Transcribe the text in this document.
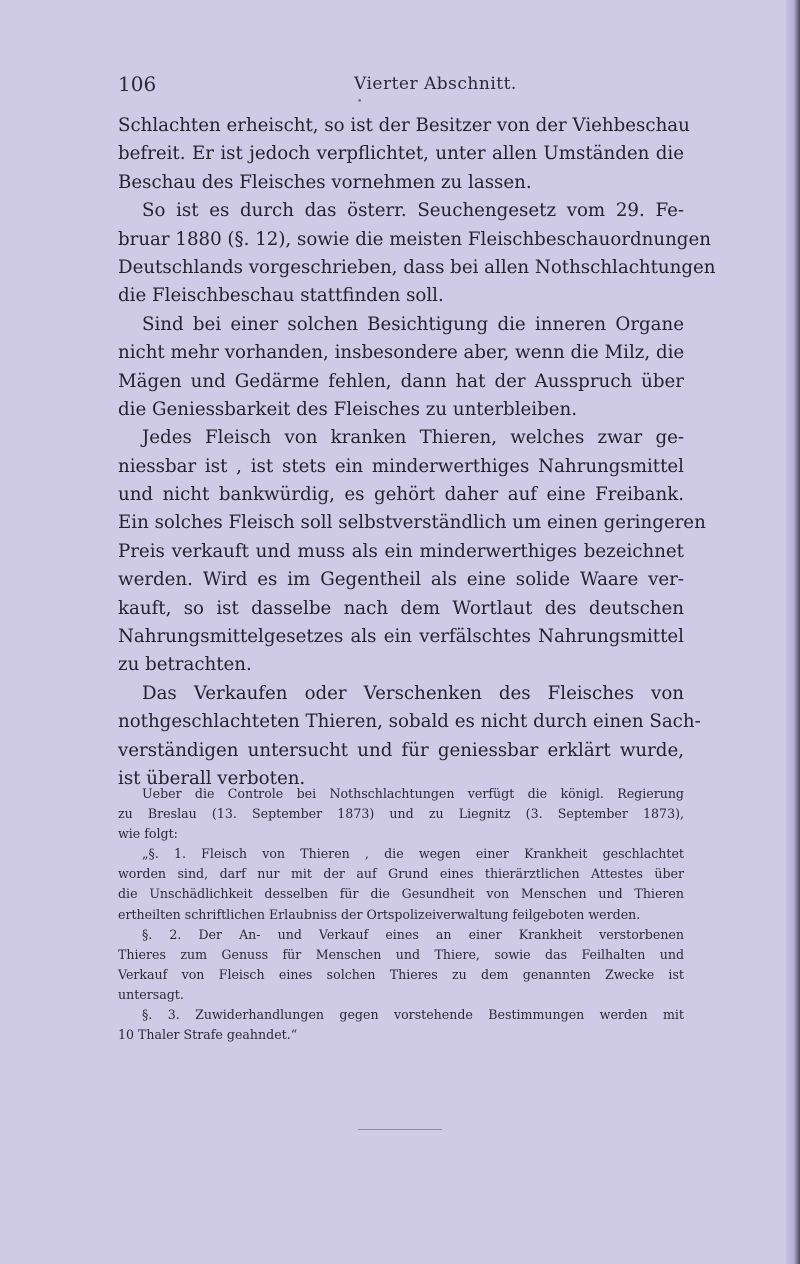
106	Vierter Abschnitt.
•
Schlachten erheischt, so ist der Besitzer von der Viehbeschau
befreit. Er ist jedoch verpflichtet, unter allen Umständen die
Beschau des Fleisches vornehmen zu lassen.
So ist es durch das österr. Seuchengesetz vom 29. Fe-
bruar 1880 (§. 12), sowie die meisten Fleischbeschauordnungen
Deutschlands vorgeschrieben, dass bei allen Nothschlachtungen
die Fleischbeschau stattfinden soll.
Sind bei einer solchen Besichtigung die inneren Organe
nicht mehr vorhanden, insbesondere aber, wenn die Milz, die
Mägen und Gedärme fehlen, dann hat der Ausspruch über
die Geniessbarkeit des Fleisches zu unterbleiben.
Jedes Fleisch von kranken Thieren, welches zwar ge-
niessbar ist , ist stets ein minderwerthiges Nahrungsmittel
und nicht bankwürdig, es gehört daher auf eine Freibank.
Ein solches Fleisch soll selbstverständlich um einen geringeren
Preis verkauft und muss als ein minderwerthiges bezeichnet
werden. Wird es im Gegentheil als eine solide Waare ver-
kauft, so ist dasselbe nach dem Wortlaut des deutschen
Nahrungsmittelgesetzes als ein verfälschtes Nahrungsmittel
zu betrachten.
Das Verkaufen oder Verschenken des Fleisches von
nothgeschlachteten Thieren, sobald es nicht durch einen Sach-
verständigen untersucht und für geniessbar erklärt wurde,
ist überall verboten.
Ueber die Controle bei Nothschlachtungen verfügt die königl. Regierung
zu Breslau (13. September 1873) und zu Liegnitz (3. September 1873),
wie folgt:
„§. 1. Fleisch von Thieren , die wegen einer Krankheit geschlachtet
worden sind, darf nur mit der auf Grund eines thierärztlichen Attestes über
die Unschädlichkeit desselben für die Gesundheit von Menschen und Thieren
ertheilten schriftlichen Erlaubniss der Ortspolizeiverwaltung feilgeboten werden.
§. 2. Der An- und Verkauf eines an einer Krankheit verstorbenen
Thieres zum Genuss für Menschen und Thiere, sowie das Feilhalten und
Verkauf von Fleisch eines solchen Thieres zu dem genannten Zwecke ist
untersagt.
§. 3. Zuwiderhandlungen gegen vorstehende Bestimmungen werden mit
10 Thaler Strafe geahndet.“
